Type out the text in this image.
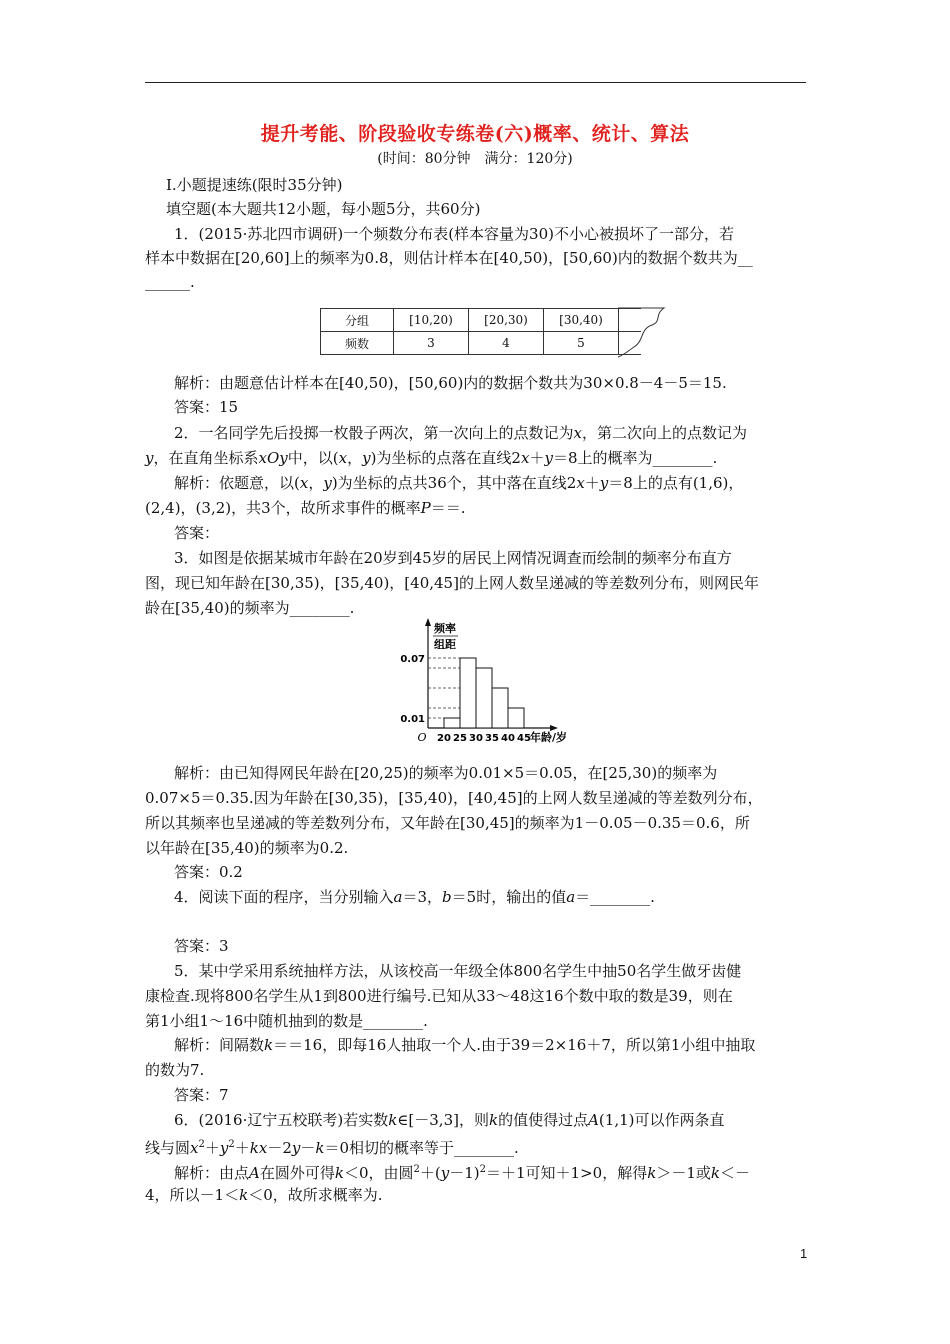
提升考能、阶段验收专练卷(六)概率、统计、算法
(时间：80分钟　满分：120分)
Ⅰ.小题提速练(限时35分钟)
填空题(本大题共12小题，每小题5分，共60分)
1．(2015·苏北四市调研)一个频数分布表(样本容量为30)不小心被损坏了一部分，若
样本中数据在[20,60]上的频率为0.8，则估计样本在[40,50)，[50,60)内的数据个数共为__
______.
分组	[10,20)	[20,30)	[30,40)	
频数	3	4	5	
解析：由题意估计样本在[40,50)，[50,60)内的数据个数共为30×0.8－4－5＝15.
答案：15
2．一名同学先后投掷一枚骰子两次，第一次向上的点数记为x，第二次向上的点数记为
y，在直角坐标系xOy中，以(x，y)为坐标的点落在直线2x＋y＝8上的概率为________.
解析：依题意，以(x，y)为坐标的点共36个，其中落在直线2x＋y＝8上的点有(1,6)，
(2,4)，(3,2)，共3个，故所求事件的概率P＝＝.
答案：
3．如图是依据某城市年龄在20岁到45岁的居民上网情况调查而绘制的频率分布直方
图，现已知年龄在[30,35)，[35,40)，[40,45]的上网人数呈递减的等差数列分布，则网民年
龄在[35,40)的频率为________.
0.07
0.01
20 25 30 35 40 45
O	年龄/岁
频率
组距
解析：由已知得网民年龄在[20,25)的频率为0.01×5＝0.05，在[25,30)的频率为
0.07×5＝0.35.因为年龄在[30,35)，[35,40)，[40,45]的上网人数呈递减的等差数列分布，
所以其频率也呈递减的等差数列分布，又年龄在[30,45]的频率为1－0.05－0.35＝0.6，所
以年龄在[35,40)的频率为0.2.
答案：0.2
4．阅读下面的程序，当分别输入a＝3，b＝5时，输出的值a＝________.
答案：3
5．某中学采用系统抽样方法，从该校高一年级全体800名学生中抽50名学生做牙齿健
康检查.现将800名学生从1到800进行编号.已知从33～48这16个数中取的数是39，则在
第1小组1～16中随机抽到的数是________.
解析：间隔数k＝＝16，即每16人抽取一个人.由于39＝2×16＋7，所以第1小组中抽取
的数为7.
答案：7
6．(2016·辽宁五校联考)若实数k∈[－3,3]，则k的值使得过点A(1,1)可以作两条直
线与圆$x^2+y^2+kx-2y-k=0$相切的概率等于________.
解析：由点A在圆外可得k＜0，由圆$^2+(y-1)^2=+1$可知＋1>0，解得k＞－1或k＜－
4，所以－1＜k＜0，故所求概率为.
1
